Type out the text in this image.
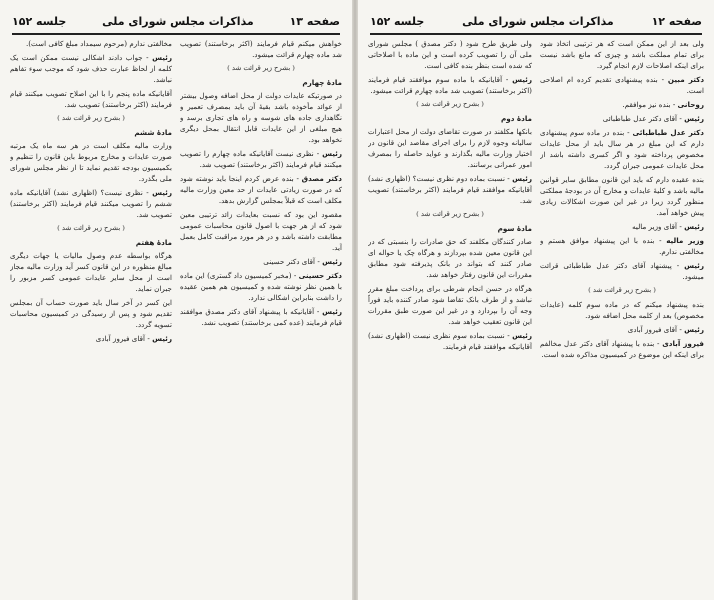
صفحه ۱۳
مذاکرات مجلس شورای ملی
جلسه ۱۵۲

خواهش میکنم قیام فرمایند (اکثر برخاستند) تصویب شد ماده چهارم قرائت میشود.

( بشرح زیر قرائت شد )
مادهٔ چهارم

در صورتیکه عایدات دولت از محل اضافه وصول بیشتر از عوائد مأخوذه باشد بقیهٔ آن باید بمصرف تعمیر و نگاهداری جاده های شوسه و راه های تجاری برسد و هیچ مبلغی از این عایدات قابل انتقال بمحل دیگری نخواهد بود.

رئیس - نظری نیست آقایانیکه ماده چهارم را تصویب میکنند قیام فرمایند (اکثر برخاستند) تصویب شد.

دکتر مصدق - بنده عرض کردم اینجا باید نوشته شود که در صورت زیادتی عایدات از حد معین وزارت مالیه مکلف است که قبلاً بمجلس گزارش بدهد.

مقصود این بود که نسبت بعایدات زائد ترتیبی معین شود که از هر جهت با اصول قانون محاسبات عمومی مطابقت داشته باشد و در هر مورد مراقبت کامل بعمل آید.

رئیس - آقای دکتر حسینی

دکتر حسینی - (مخبر کمیسیون داد گستری) این ماده با همین نظر نوشته شده و کمیسیون هم همین عقیده را داشت بنابراین اشکالی ندارد.

رئیس - آقایانیکه با پیشنهاد آقای دکتر مصدق موافقند قیام فرمایند (عده کمی برخاستند) تصویب نشد.

مخالفتی ندارم (مرحوم سیمداد مبلغ کافی است).

رئیس - جواب دادند اشکالی نیست ممکن است یک کلمه از لحاظ عبارت حذف شود که موجب سوء تفاهم نباشد.

آقایانیکه ماده پنجم را با این اصلاح تصویب میکنند قیام فرمایند (اکثر برخاستند) تصویب شد.

( بشرح زیر قرائت شد )
مادهٔ ششم

وزارت مالیه مکلف است در هر سه ماه یک مرتبه صورت عایدات و مخارج مربوط باین قانون را تنظیم و بکمیسیون بودجه تقدیم نماید تا از نظر مجلس شورای ملی بگذرد.

رئیس - نظری نیست؟ (اظهاری نشد) آقایانیکه ماده ششم را تصویب میکنند قیام فرمایند (اکثر برخاستند) تصویب شد.

( بشرح زیر قرائت شد )
مادهٔ هفتم

هرگاه بواسطه عدم وصول مالیات یا جهات دیگری مبالغ منظوره در این قانون کسر آید وزارت مالیه مجاز است از محل سایر عایدات عمومی کسر مزبور را جبران نماید.

این کسر در آخر سال باید صورت حساب آن بمجلس تقدیم شود و پس از رسیدگی در کمیسیون محاسبات تسویه گردد.

رئیس - آقای فیروز آبادی

صفحه ۱۲
مذاکرات مجلس شورای ملی
جلسه ۱۵۲

ولی بعد از این ممکن است که هر ترتیبی اتخاذ شود برای تمام مملکت باشد و چیزی که مانع باشد نیست برای اینکه اصلاحات لازم انجام گیرد.

دکتر مبین - بنده پیشنهادی تقدیم کرده ام اصلاحی است.

روحانی - بنده نیز موافقم.

رئیس - آقای دکتر عدل طباطبائی

دکتر عدل طباطبائی - بنده در ماده سوم پیشنهادی دارم که این مبلغ در هر سال باید از محل عایدات مخصوص پرداخته شود و اگر کسری داشته باشد از محل عایدات عمومی جبران گردد.

بنده عقیده دارم که باید این قانون مطابق سایر قوانین مالیه باشد و کلیهٔ عایدات و مخارج آن در بودجهٔ مملکتی منظور گردد زیرا در غیر این صورت اشکالات زیادی پیش خواهد آمد.

رئیس - آقای وزیر مالیه

وزیر مالیه - بنده با این پیشنهاد موافق هستم و مخالفتی ندارم.

رئیس - پیشنهاد آقای دکتر عدل طباطبائی قرائت میشود.

( بشرح زیر قرائت شد )

بنده پیشنهاد میکنم که در ماده سوم کلمه (عایدات مخصوص) بعد از کلمه محل اضافه شود.

رئیس - آقای فیروز آبادی

فیروز آبادی - بنده با پیشنهاد آقای دکتر عدل مخالفم برای اینکه این موضوع در کمیسیون مذاکره شده است.

ولی طریق طرح شود ( دکتر مصدق ) مجلس شورای ملی آن را تصویب کرده است و این ماده با اصلاحاتی که شده است بنظر بنده کافی است.

رئیس - آقایانیکه با ماده سوم موافقند قیام فرمایند (اکثر برخاستند) تصویب شد ماده چهارم قرائت میشود.

( بشرح زیر قرائت شد )
مادهٔ دوم

بانکها مکلفند در صورت تقاضای دولت از محل اعتبارات سالیانه وجوه لازم را برای اجرای مقاصد این قانون در اختیار وزارت مالیه بگذارند و عواید حاصله را بمصرف امور عمرانی برسانند.

رئیس - نسبت بماده دوم نظری نیست؟ (اظهاری نشد) آقایانیکه موافقند قیام فرمایند (اکثر برخاستند) تصویب شد.

( بشرح زیر قرائت شد )
مادهٔ سوم

صادر کنندگان مکلفند که حق صادرات را بنسبتی که در این قانون معین شده بپردازند و هرگاه چک یا حواله ای صادر کنند که بتواند در بانک پذیرفته شود مطابق مقررات این قانون رفتار خواهد شد.

هرگاه در حسن انجام شرطی برای پرداخت مبلغ مقرر نباشد و از طرف بانک تقاضا شود صادر کننده باید فوراً وجه آن را بپردازد و در غیر این صورت طبق مقررات این قانون تعقیب خواهد شد.

رئیس - نسبت بماده سوم نظری نیست (اظهاری نشد) آقایانیکه موافقند قیام فرمایند.
